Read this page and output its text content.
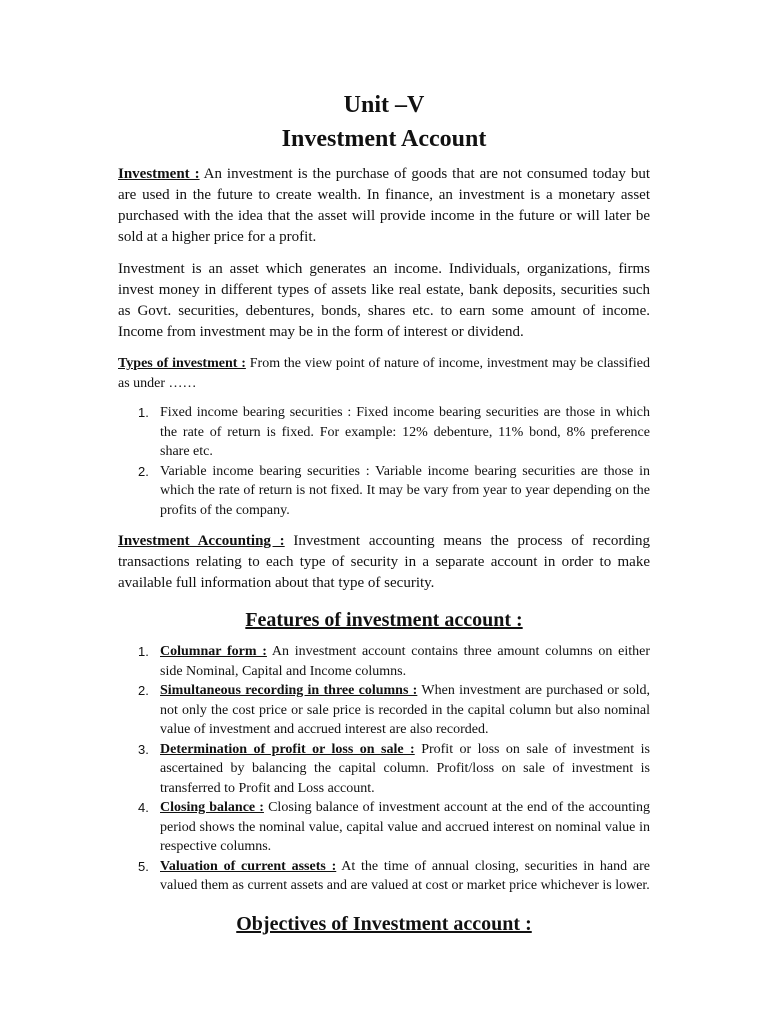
Unit –V
Investment Account

Investment : An investment is the purchase of goods that are not consumed today but are used in the future to create wealth. In finance, an investment is a monetary asset purchased with the idea that the asset will provide income in the future or will later be sold at a higher price for a profit.

Investment is an asset which generates an income. Individuals, organizations, firms invest money in different types of assets like real estate, bank deposits, securities such as Govt. securities, debentures, bonds, shares etc. to earn some amount of income. Income from investment may be in the form of interest or dividend.

Types of investment : From the view point of nature of income, investment may be classified as under ……

1. Fixed income bearing securities : Fixed income bearing securities are those in which the rate of return is fixed. For example: 12% debenture, 11% bond, 8% preference share etc.
2. Variable income bearing securities : Variable income bearing securities are those in which the rate of return is not fixed. It may be vary from year to year depending on the profits of the company.

Investment Accounting : Investment accounting means the process of recording transactions relating to each type of security in a separate account in order to make available full information about that type of security.

Features of investment account :
1. Columnar form : An investment account contains three amount columns on either side Nominal, Capital and Income columns.
2. Simultaneous recording in three columns : When investment are purchased or sold, not only the cost price or sale price is recorded in the capital column but also nominal value of investment and accrued interest are also recorded.
3. Determination of profit or loss on sale : Profit or loss on sale of investment is ascertained by balancing the capital column. Profit/loss on sale of investment is transferred to Profit and Loss account.
4. Closing balance : Closing balance of investment account at the end of the accounting period shows the nominal value, capital value and accrued interest on nominal value in respective columns.
5. Valuation of current assets : At the time of annual closing, securities in hand are valued them as current assets and are valued at cost or market price whichever is lower.
Objectives of Investment account :
